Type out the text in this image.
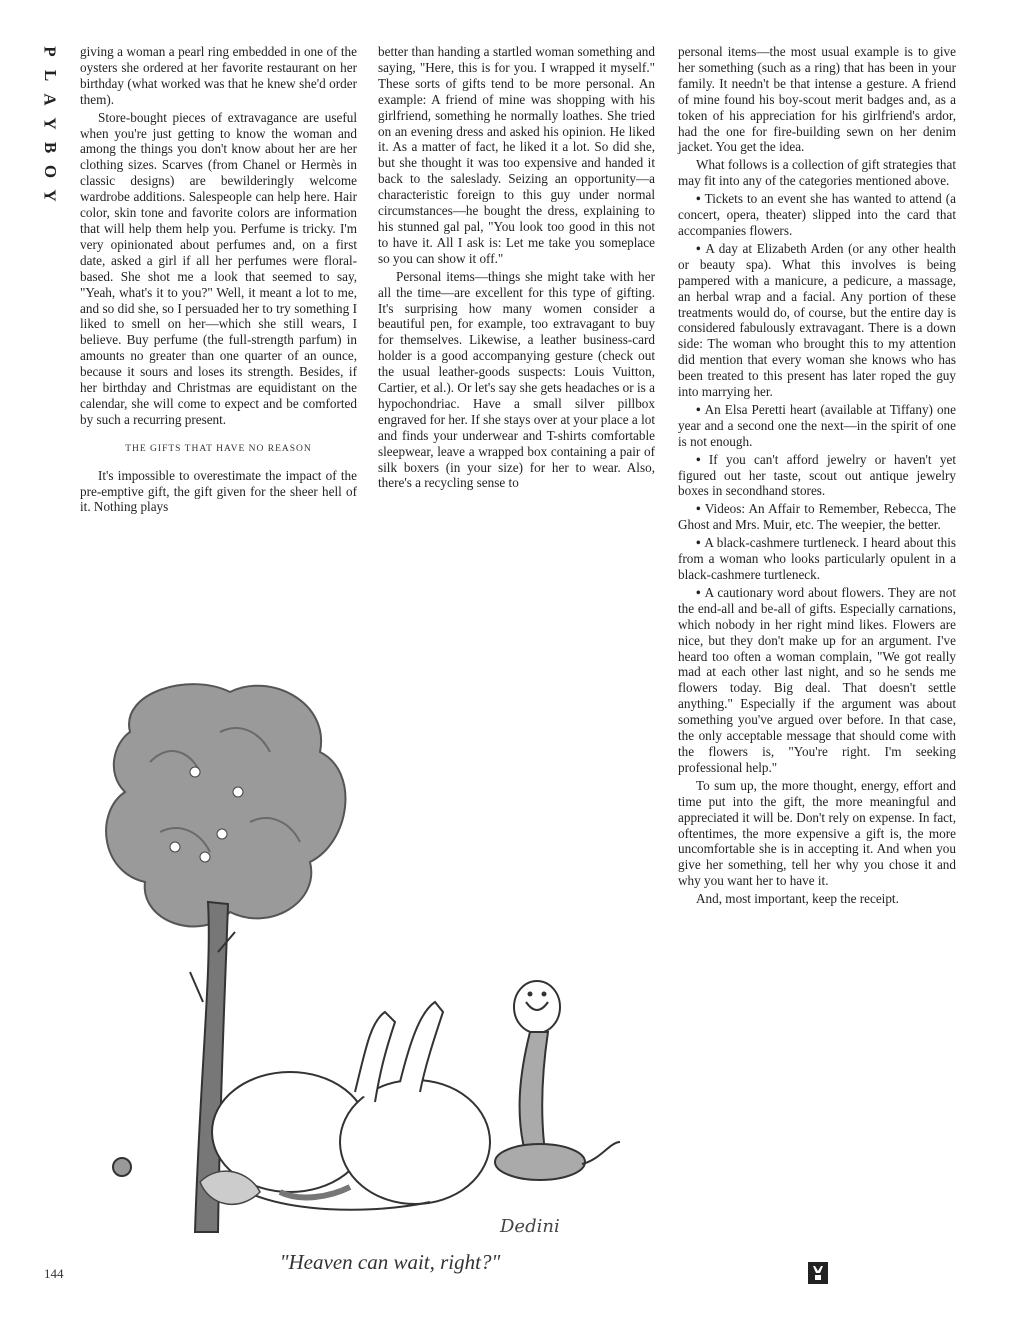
P
L
A
Y
B
O
Y

giving a woman a pearl ring embedded in one of the oysters she ordered at her favorite restaurant on her birthday (what worked was that he knew she'd order them).

Store-bought pieces of extravagance are useful when you're just getting to know the woman and among the things you don't know about her are her clothing sizes. Scarves (from Chanel or Hermès in classic designs) are bewilderingly welcome wardrobe additions. Salespeople can help here. Hair color, skin tone and favorite colors are information that will help them help you. Perfume is tricky. I'm very opinionated about perfumes and, on a first date, asked a girl if all her perfumes were floral-based. She shot me a look that seemed to say, "Yeah, what's it to you?" Well, it meant a lot to me, and so did she, so I persuaded her to try something I liked to smell on her—which she still wears, I believe. Buy perfume (the full-strength parfum) in amounts no greater than one quarter of an ounce, because it sours and loses its strength. Besides, if her birthday and Christmas are equidistant on the calendar, she will come to expect and be comforted by such a recurring present.

THE GIFTS THAT HAVE NO REASON

It's impossible to overestimate the impact of the pre-emptive gift, the gift given for the sheer hell of it. Nothing plays

better than handing a startled woman something and saying, "Here, this is for you. I wrapped it myself." These sorts of gifts tend to be more personal. An example: A friend of mine was shopping with his girlfriend, something he normally loathes. She tried on an evening dress and asked his opinion. He liked it. As a matter of fact, he liked it a lot. So did she, but she thought it was too expensive and handed it back to the saleslady. Seizing an opportunity—a characteristic foreign to this guy under normal circumstances—he bought the dress, explaining to his stunned gal pal, "You look too good in this not to have it. All I ask is: Let me take you someplace so you can show it off."

Personal items—things she might take with her all the time—are excellent for this type of gifting. It's surprising how many women consider a beautiful pen, for example, too extravagant to buy for themselves. Likewise, a leather business-card holder is a good accompanying gesture (check out the usual leather-goods suspects: Louis Vuitton, Cartier, et al.). Or let's say she gets headaches or is a hypochondriac. Have a small silver pillbox engraved for her. If she stays over at your place a lot and finds your underwear and T-shirts comfortable sleepwear, leave a wrapped box containing a pair of silk boxers (in your size) for her to wear. Also, there's a recycling sense to

personal items—the most usual example is to give her something (such as a ring) that has been in your family. It needn't be that intense a gesture. A friend of mine found his boy-scout merit badges and, as a token of his appreciation for his girlfriend's ardor, had the one for fire-building sewn on her denim jacket. You get the idea.

What follows is a collection of gift strategies that may fit into any of the categories mentioned above.

• Tickets to an event she has wanted to attend (a concert, opera, theater) slipped into the card that accompanies flowers.

• A day at Elizabeth Arden (or any other health or beauty spa). What this involves is being pampered with a manicure, a pedicure, a massage, an herbal wrap and a facial. Any portion of these treatments would do, of course, but the entire day is considered fabulously extravagant. There is a down side: The woman who brought this to my attention did mention that every woman she knows who has been treated to this present has later roped the guy into marrying her.

• An Elsa Peretti heart (available at Tiffany) one year and a second one the next—in the spirit of one is not enough.

• If you can't afford jewelry or haven't yet figured out her taste, scout out antique jewelry boxes in secondhand stores.

• Videos: An Affair to Remember, Rebecca, The Ghost and Mrs. Muir, etc. The weepier, the better.

• A black-cashmere turtleneck. I heard about this from a woman who looks particularly opulent in a black-cashmere turtleneck.

• A cautionary word about flowers. They are not the end-all and be-all of gifts. Especially carnations, which nobody in her right mind likes. Flowers are nice, but they don't make up for an argument. I've heard too often a woman complain, "We got really mad at each other last night, and so he sends me flowers today. Big deal. That doesn't settle anything." Especially if the argument was about something you've argued over before. In that case, the only acceptable message that should come with the flowers is, "You're right. I'm seeking professional help."

To sum up, the more thought, energy, effort and time put into the gift, the more meaningful and appreciated it will be. Don't rely on expense. In fact, oftentimes, the more expensive a gift is, the more uncomfortable she is in accepting it. And when you give her something, tell her why you chose it and why you want her to have it.

And, most important, keep the receipt.

Dedini
"Heaven can wait, right?"
144
